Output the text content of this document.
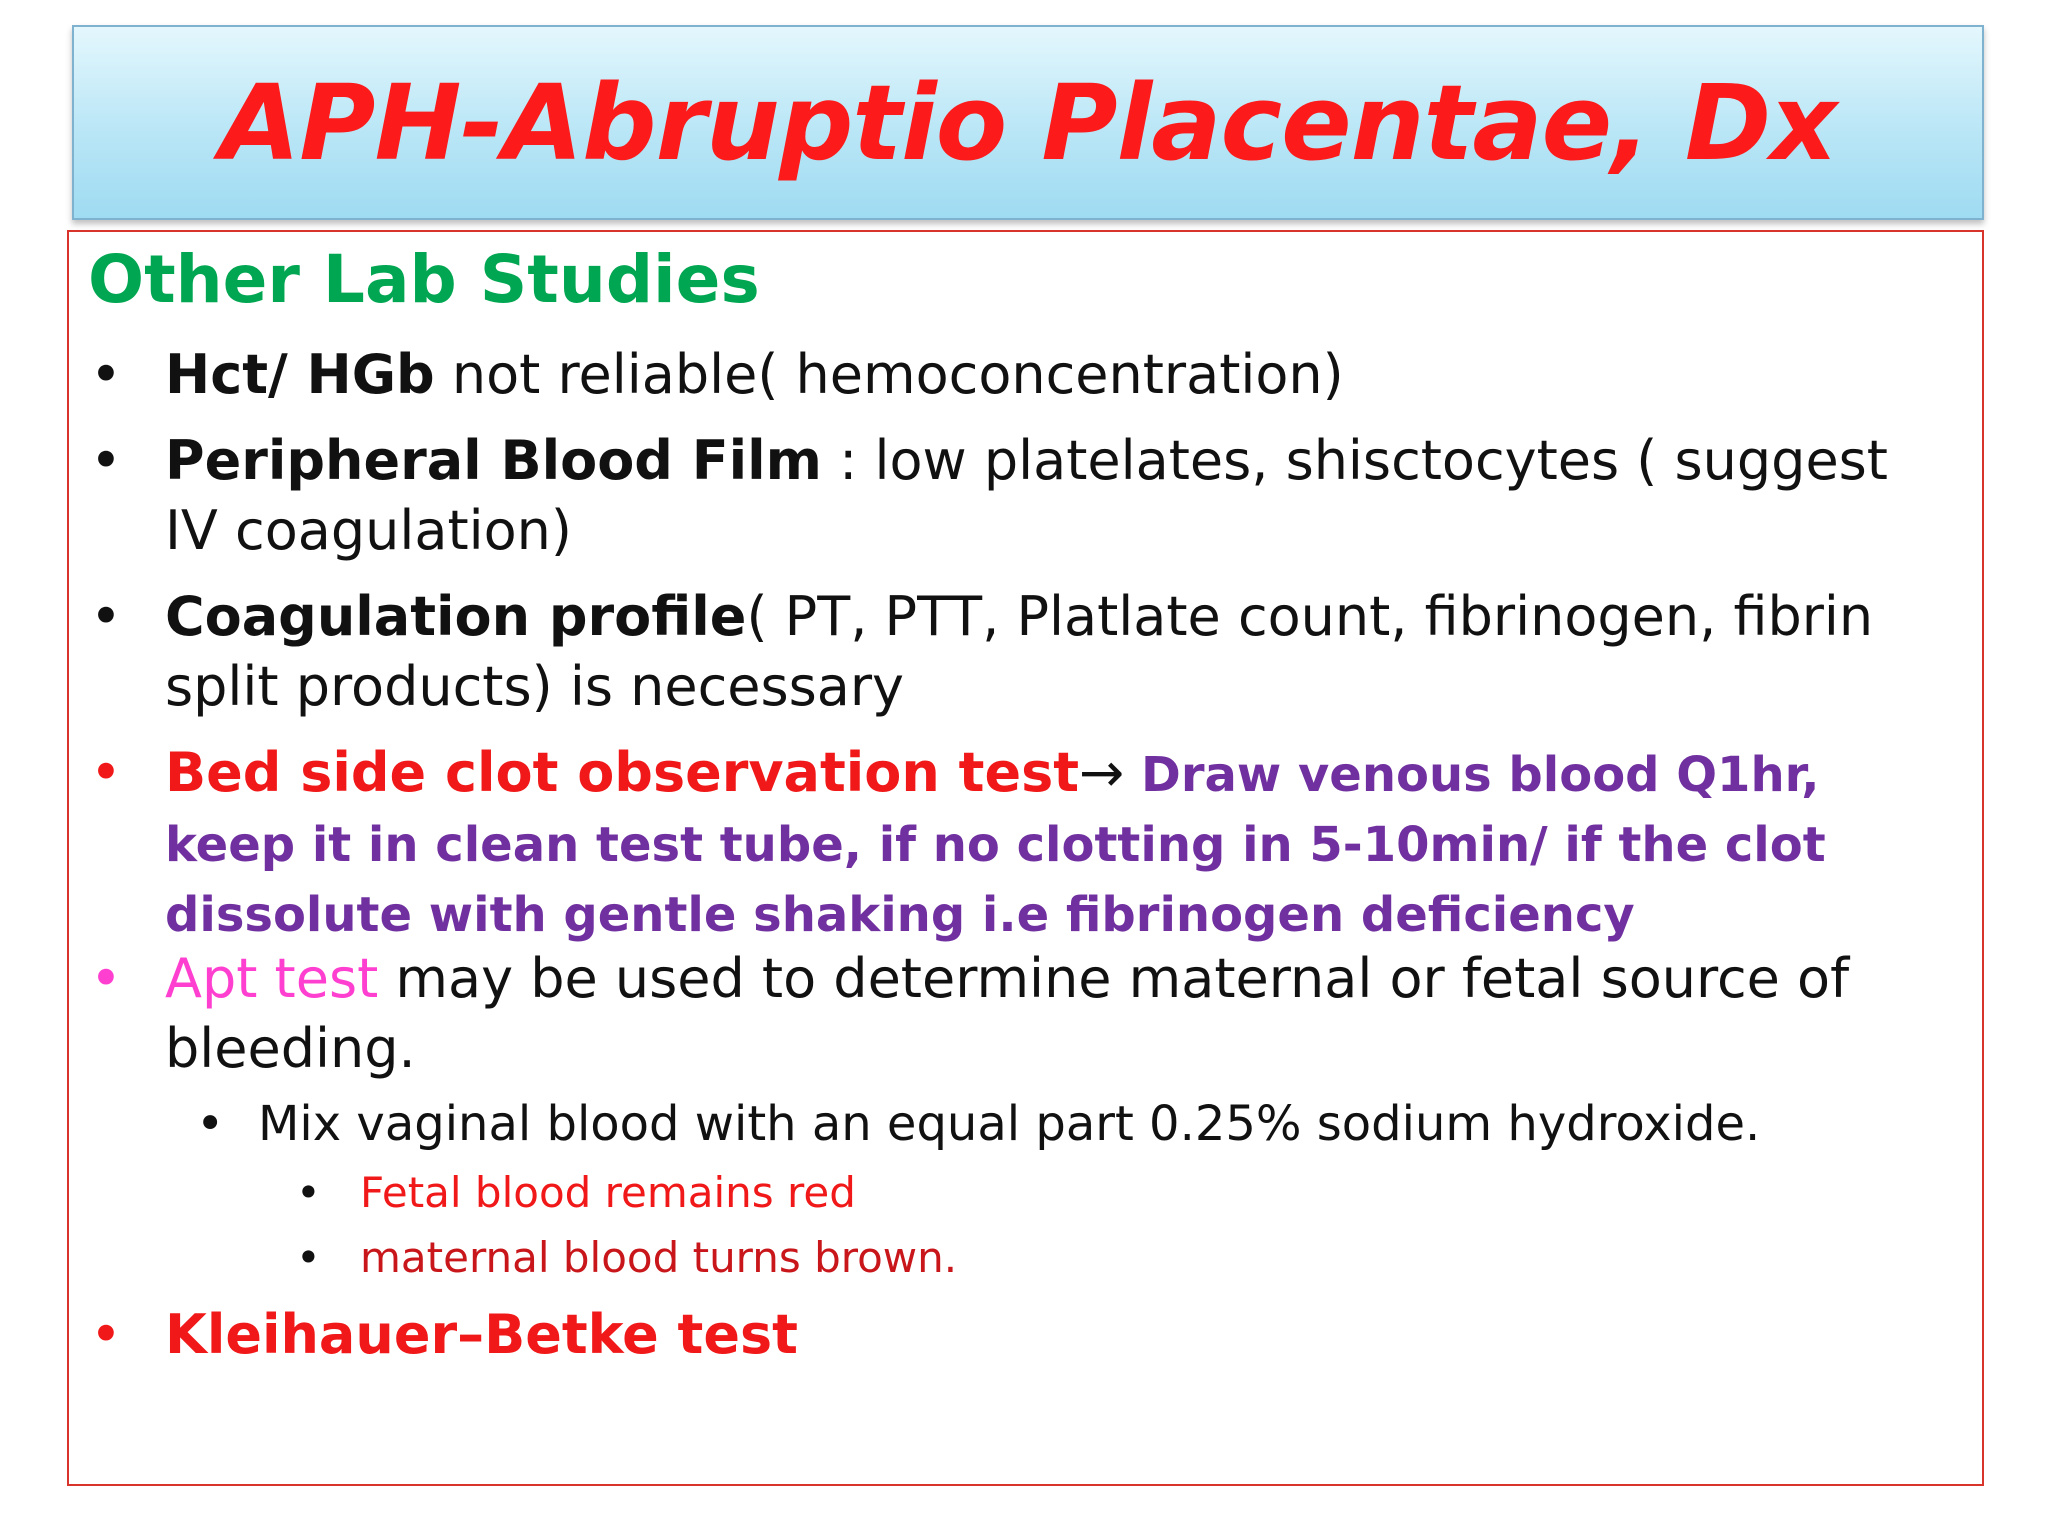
APH-Abruptio Placentae, Dx
Other Lab Studies
• Hct/ HGb not reliable( hemoconcentration)
• Peripheral Blood Film : low platelates, shisctocytes ( suggest IV coagulation)
• Coagulation profile( PT, PTT, Platlate count, fibrinogen, fibrin split products) is necessary
• Bed side clot observation test→ Draw venous blood Q1hr, keep it in clean test tube, if no clotting in 5-10min/ if the clot dissolute with gentle shaking i.e fibrinogen deficiency
• Apt test may be used to determine maternal or fetal source of bleeding.
• Mix vaginal blood with an equal part 0.25% sodium hydroxide.
• Fetal blood remains red
• maternal blood turns brown.
• Kleihauer–Betke test
